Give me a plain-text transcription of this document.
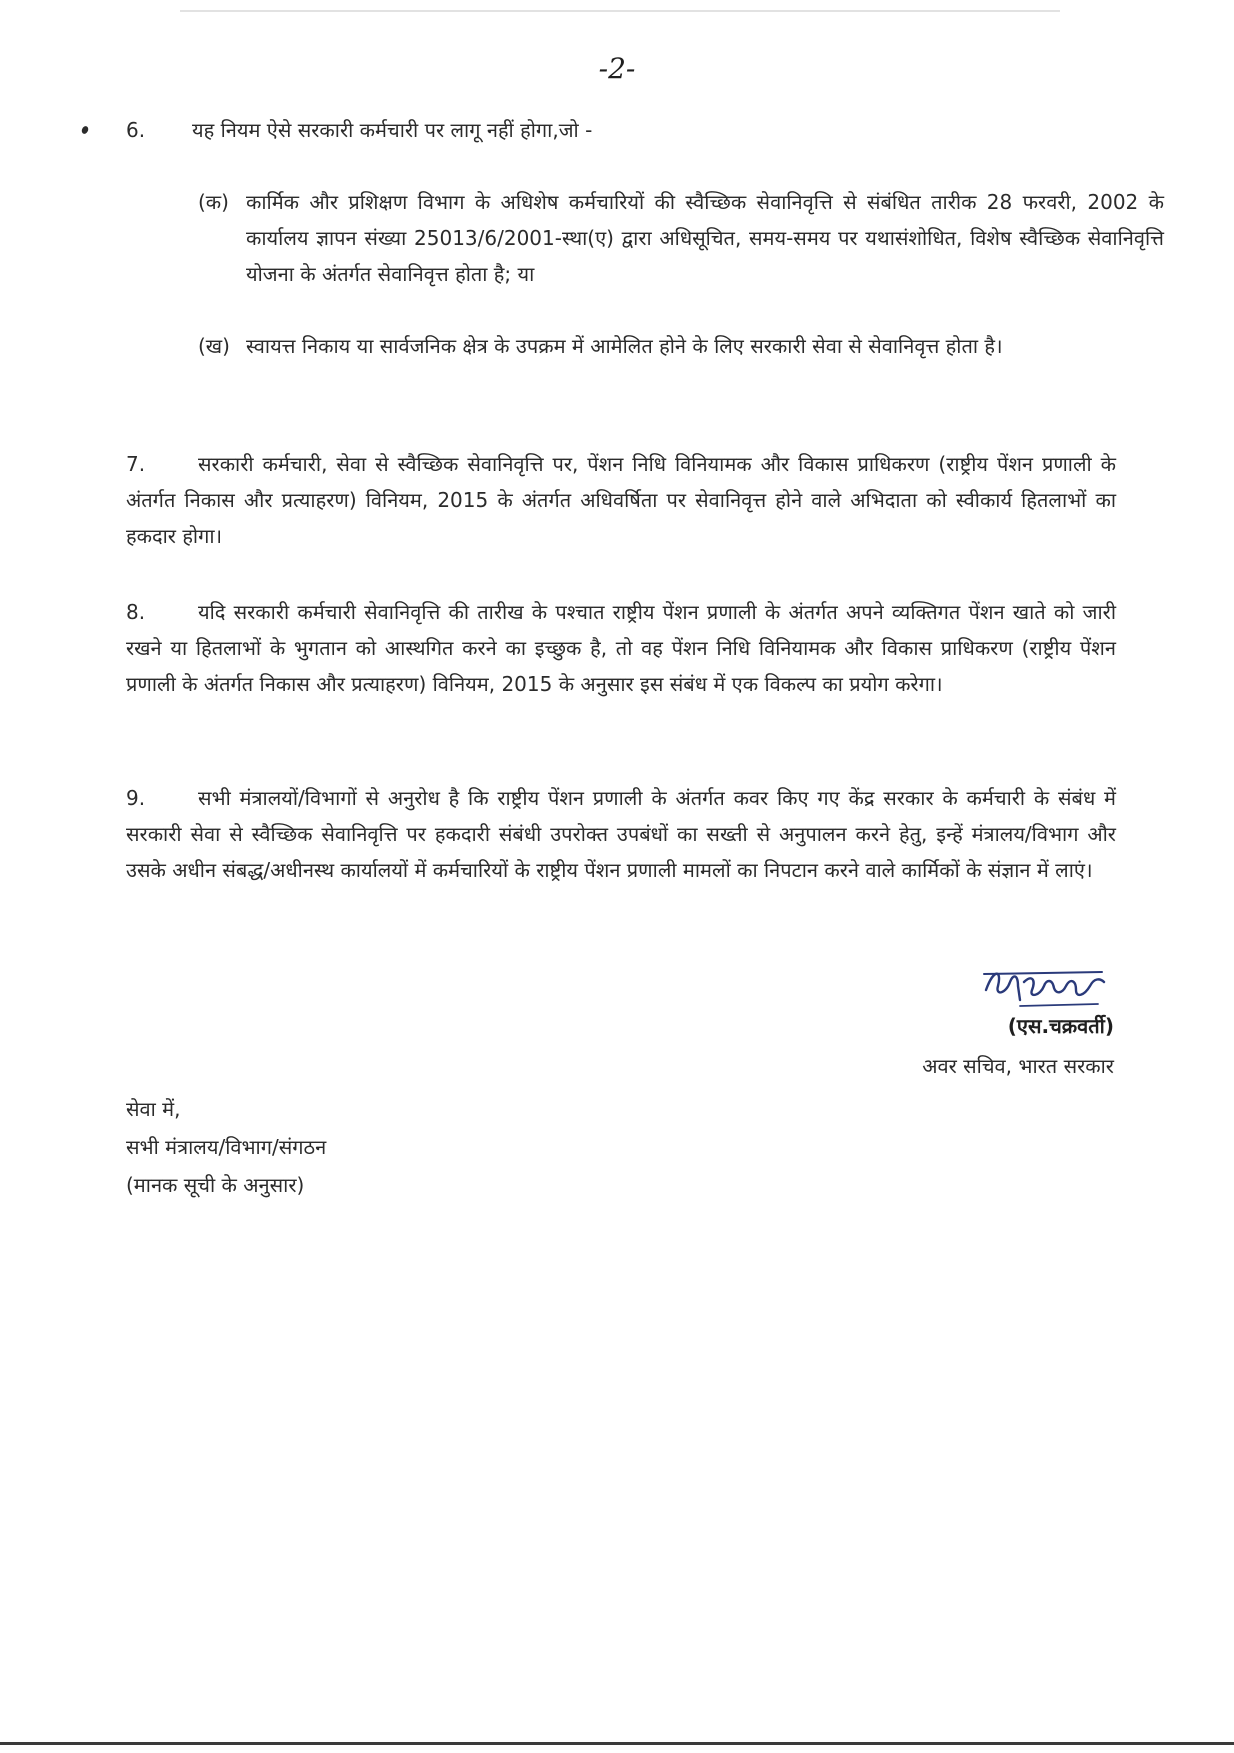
-2-
6. यह नियम ऐसे सरकारी कर्मचारी पर लागू नहीं होगा,जो -
(क) कार्मिक और प्रशिक्षण विभाग के अधिशेष कर्मचारियों की स्वैच्छिक सेवानिवृत्ति से संबंधित तारीक 28 फरवरी, 2002 के कार्यालय ज्ञापन संख्या 25013/6/2001-स्था(ए) द्वारा अधिसूचित, समय-समय पर यथासंशोधित, विशेष स्वैच्छिक सेवानिवृत्ति योजना के अंतर्गत सेवानिवृत्त होता है; या
(ख) स्वायत्त निकाय या सार्वजनिक क्षेत्र के उपक्रम में आमेलित होने के लिए सरकारी सेवा से सेवानिवृत्त होता है।
7.	सरकारी कर्मचारी, सेवा से स्वैच्छिक सेवानिवृत्ति पर, पेंशन निधि विनियामक और विकास प्राधिकरण (राष्ट्रीय पेंशन प्रणाली के अंतर्गत निकास और प्रत्याहरण) विनियम, 2015 के अंतर्गत अधिवर्षिता पर सेवानिवृत्त होने वाले अभिदाता को स्वीकार्य हितलाभों का हकदार होगा।
8.	यदि सरकारी कर्मचारी सेवानिवृत्ति की तारीख के पश्चात राष्ट्रीय पेंशन प्रणाली के अंतर्गत अपने व्यक्तिगत पेंशन खाते को जारी रखने या हितलाभों के भुगतान को आस्थगित करने का इच्छुक है, तो वह पेंशन निधि विनियामक और विकास प्राधिकरण (राष्ट्रीय पेंशन प्रणाली के अंतर्गत निकास और प्रत्याहरण) विनियम, 2015 के अनुसार इस संबंध में एक विकल्प का प्रयोग करेगा।
9.	सभी मंत्रालयों/विभागों से अनुरोध है कि राष्ट्रीय पेंशन प्रणाली के अंतर्गत कवर किए गए केंद्र सरकार के कर्मचारी के संबंध में सरकारी सेवा से स्वैच्छिक सेवानिवृत्ति पर हकदारी संबंधी उपरोक्त उपबंधों का सख्ती से अनुपालन करने हेतु, इन्हें मंत्रालय/विभाग और उसके अधीन संबद्ध/अधीनस्थ कार्यालयों में कर्मचारियों के राष्ट्रीय पेंशन प्रणाली मामलों का निपटान करने वाले कार्मिकों के संज्ञान में लाएं।
(एस.चक्रवर्ती)
अवर सचिव, भारत सरकार
सेवा में,
सभी मंत्रालय/विभाग/संगठन
(मानक सूची के अनुसार)
